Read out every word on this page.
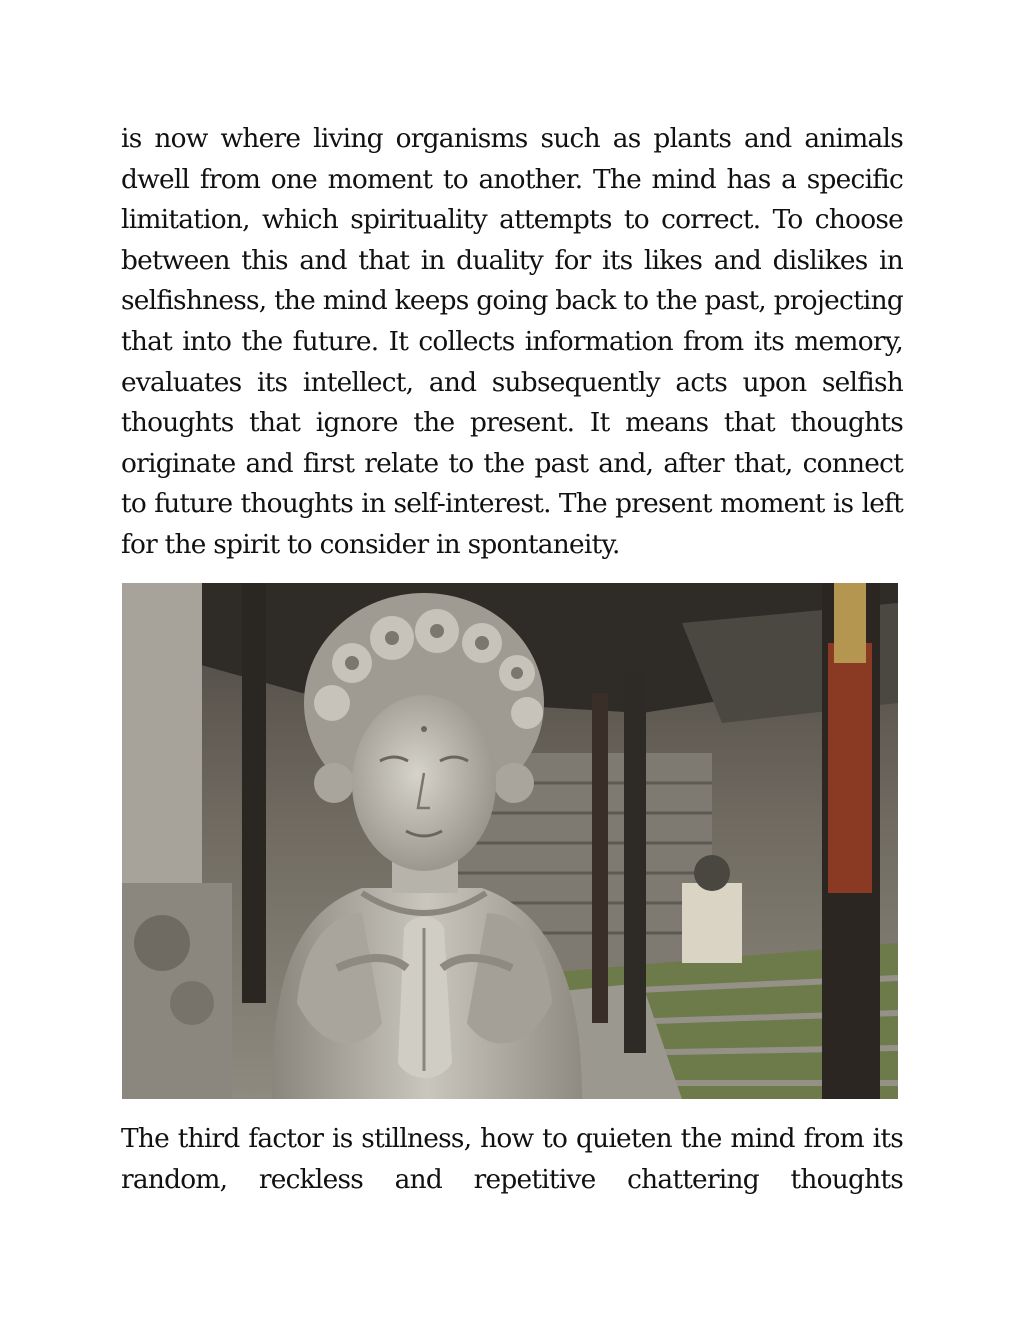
is now where living organisms such as plants and animals dwell from one moment to another. The mind has a specific limitation, which spirituality attempts to correct. To choose between this and that in duality for its likes and dislikes in selfishness, the mind keeps going back to the past, projecting that into the future. It collects information from its memory, evaluates its intellect, and subsequently acts upon selfish thoughts that ignore the present. It means that thoughts originate and first relate to the past and, after that, connect to future thoughts in self-interest. The present moment is left for the spirit to consider in spontaneity.

The third factor is stillness, how to quieten the mind from its random, reckless and repetitive chattering thoughts
